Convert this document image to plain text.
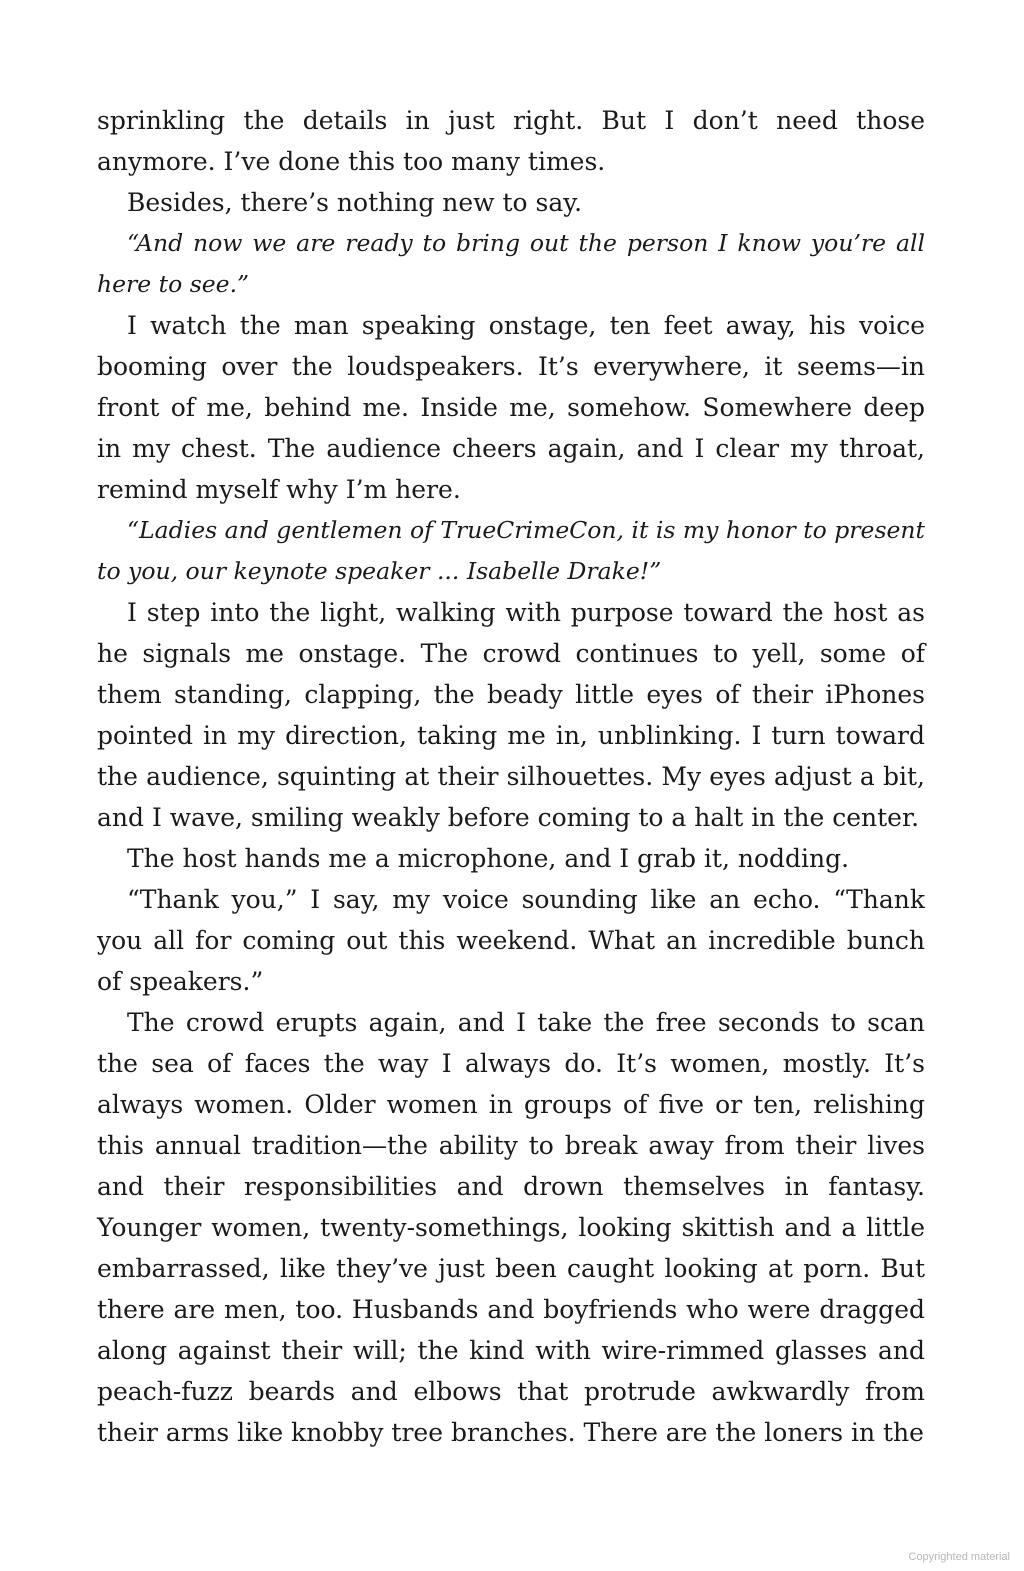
sprinkling the details in just right. But I don’t need those anymore. I’ve done this too many times.

Besides, there’s nothing new to say.

“And now we are ready to bring out the person I know you’re all here to see.”

I watch the man speaking onstage, ten feet away, his voice booming over the loudspeakers. It’s everywhere, it seems—in front of me, behind me. Inside me, somehow. Somewhere deep in my chest. The audience cheers again, and I clear my throat, remind myself why I’m here.

“Ladies and gentlemen of TrueCrimeCon, it is my honor to present to you, our keynote speaker ... Isabelle Drake!”

I step into the light, walking with purpose toward the host as he signals me onstage. The crowd continues to yell, some of them standing, clapping, the beady little eyes of their iPhones pointed in my direction, taking me in, unblinking. I turn toward the audience, squinting at their silhouettes. My eyes adjust a bit, and I wave, smiling weakly before coming to a halt in the center.

The host hands me a microphone, and I grab it, nodding.

“Thank you,” I say, my voice sounding like an echo. “Thank you all for coming out this weekend. What an incredible bunch of speakers.”

The crowd erupts again, and I take the free seconds to scan the sea of faces the way I always do. It’s women, mostly. It’s always women. Older women in groups of five or ten, relishing this annual tradition—the ability to break away from their lives and their responsibilities and drown themselves in fantasy. Younger women, twenty-somethings, looking skittish and a little embarrassed, like they’ve just been caught looking at porn. But there are men, too. Husbands and boyfriends who were dragged along against their will; the kind with wire-rimmed glasses and peach-fuzz beards and elbows that protrude awkwardly from their arms like knobby tree branches. There are the loners in the

Copyrighted material
